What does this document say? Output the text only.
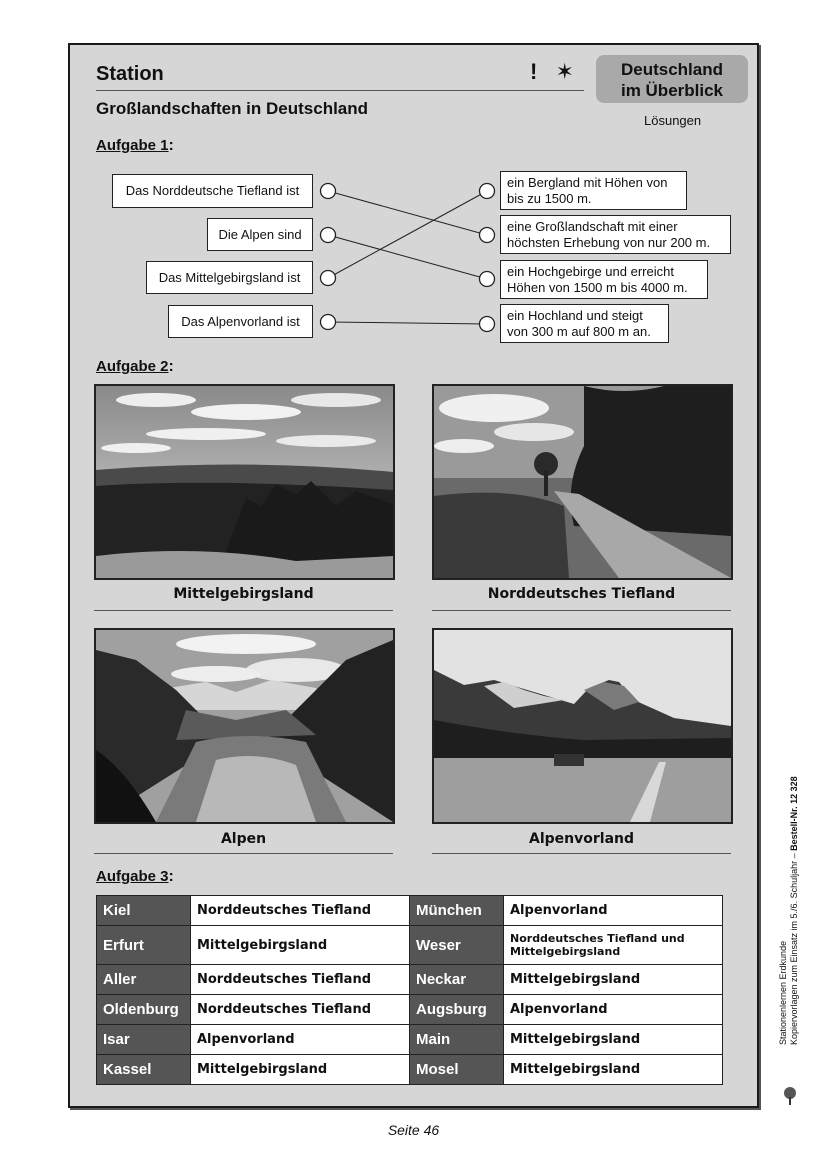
Station	! ✶
Großlandschaften in Deutschland
Deutschland
im Überblick
Lösungen
Aufgabe 1:
Das Norddeutsche Tiefland ist
Die Alpen sind
Das Mittelgebirgsland ist
Das Alpenvorland ist
ein Bergland mit Höhen von
bis zu 1500 m.
eine Großlandschaft mit einer
höchsten Erhebung von nur 200 m.
ein Hochgebirge und erreicht
Höhen von 1500 m bis 4000 m.
ein Hochland und steigt
von 300 m auf 800 m an.
Aufgabe 2:
Mittelgebirgsland	Norddeutsches Tiefland
Alpen	Alpenvorland
Aufgabe 3:
Kiel	Norddeutsches Tiefland	München	Alpenvorland
Erfurt	Mittelgebirgsland	Weser	Norddeutsches Tiefland und Mittelgebirgsland
Aller	Norddeutsches Tiefland	Neckar	Mittelgebirgsland
Oldenburg	Norddeutsches Tiefland	Augsburg	Alpenvorland
Isar	Alpenvorland	Main	Mittelgebirgsland
Kassel	Mittelgebirgsland	Mosel	Mittelgebirgsland
Seite 46
Stationenlernen Erdkunde Kopiervorlagen zum Einsatz im 5./6. Schuljahr – Bestell-Nr. 12 328
